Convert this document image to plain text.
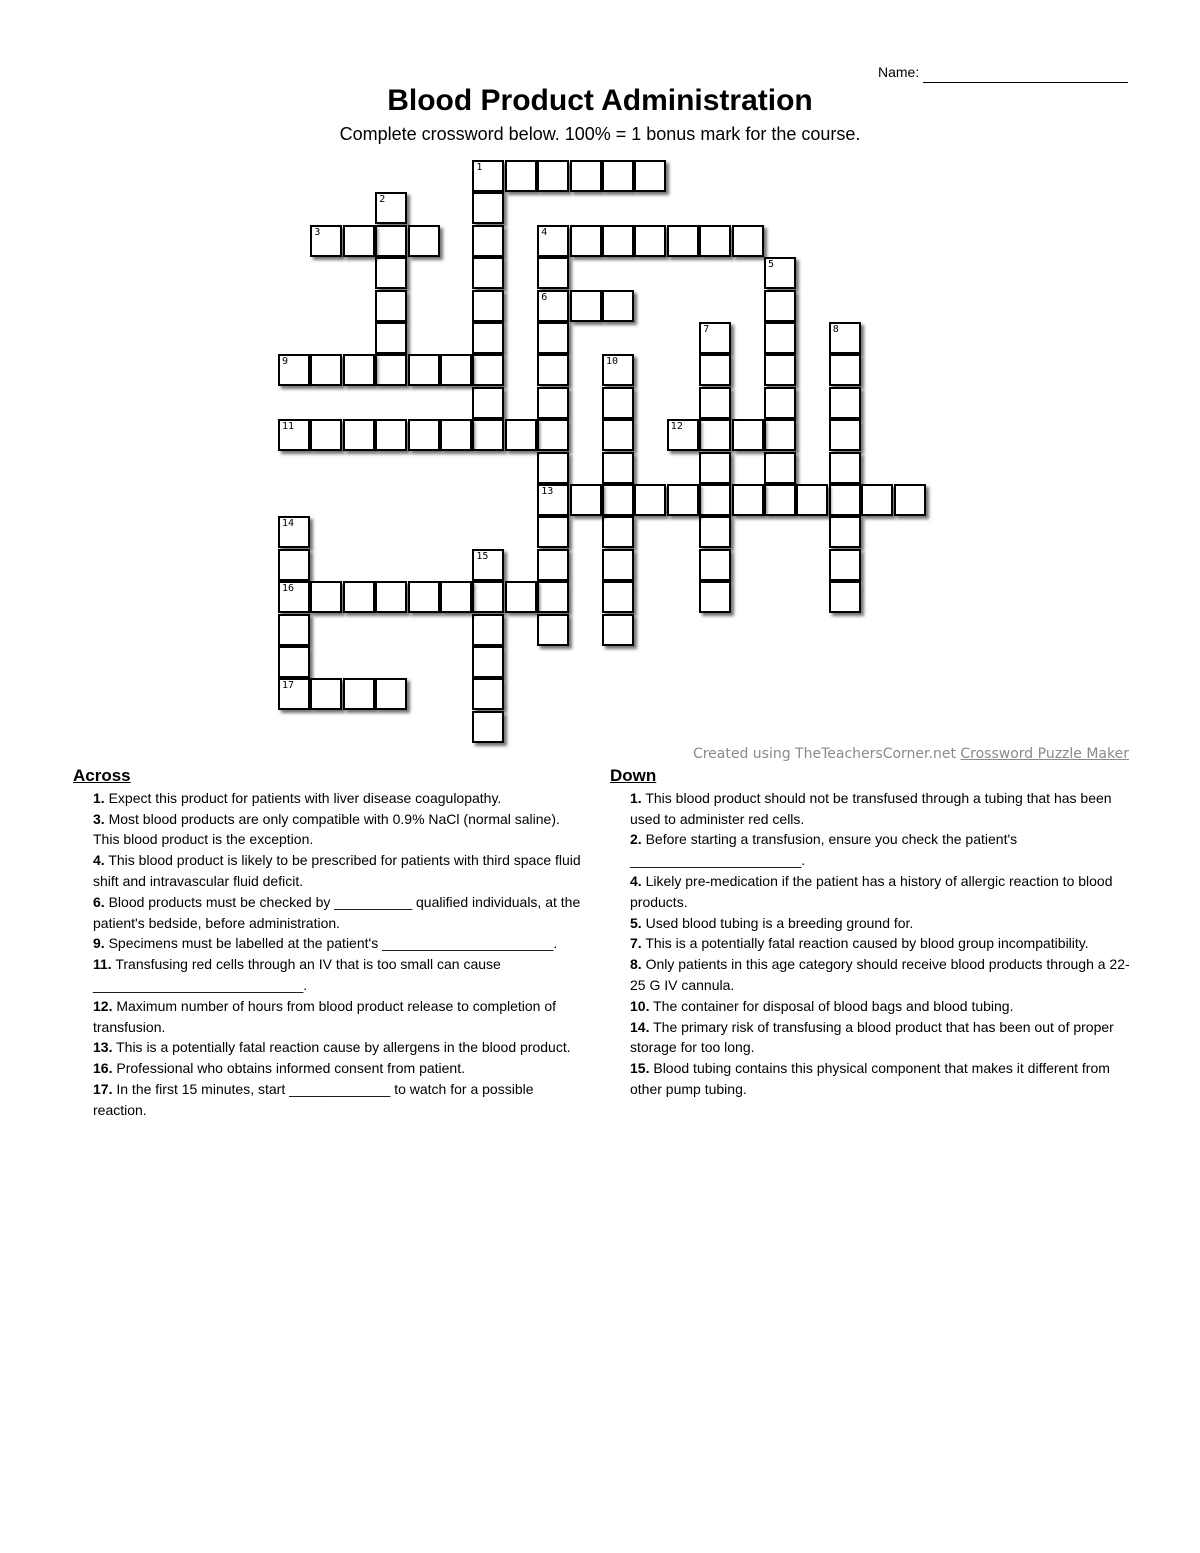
Name:
Blood Product Administration
Complete crossword below. 100% = 1 bonus mark for the course.
1
2
3	4
6
13
5
7	8
9	10
11	12
14
16
17
15
Created using TheTeachersCorner.net Crossword Puzzle Maker
Across
1. Expect this product for patients with liver disease coagulopathy.
3. Most blood products are only compatible with 0.9% NaCl (normal saline). This blood product is the exception.
4. This blood product is likely to be prescribed for patients with third space fluid shift and intravascular fluid deficit.
6. Blood products must be checked by __________ qualified individuals, at the patient's bedside, before administration.
9. Specimens must be labelled at the patient's ______________________.
11. Transfusing red cells through an IV that is too small can cause ___________________________.
12. Maximum number of hours from blood product release to completion of transfusion.
13. This is a potentially fatal reaction cause by allergens in the blood product.
16. Professional who obtains informed consent from patient.
17. In the first 15 minutes, start _____________ to watch for a possible reaction.
Down
1. This blood product should not be transfused through a tubing that has been used to administer red cells.
2. Before starting a transfusion, ensure you check the patient's ______________________.
4. Likely pre-medication if the patient has a history of allergic reaction to blood products.
5. Used blood tubing is a breeding ground for.
7. This is a potentially fatal reaction caused by blood group incompatibility.
8. Only patients in this age category should receive blood products through a 22-25 G IV cannula.
10. The container for disposal of blood bags and blood tubing.
14. The primary risk of transfusing a blood product that has been out of proper storage for too long.
15. Blood tubing contains this physical component that makes it different from other pump tubing.
